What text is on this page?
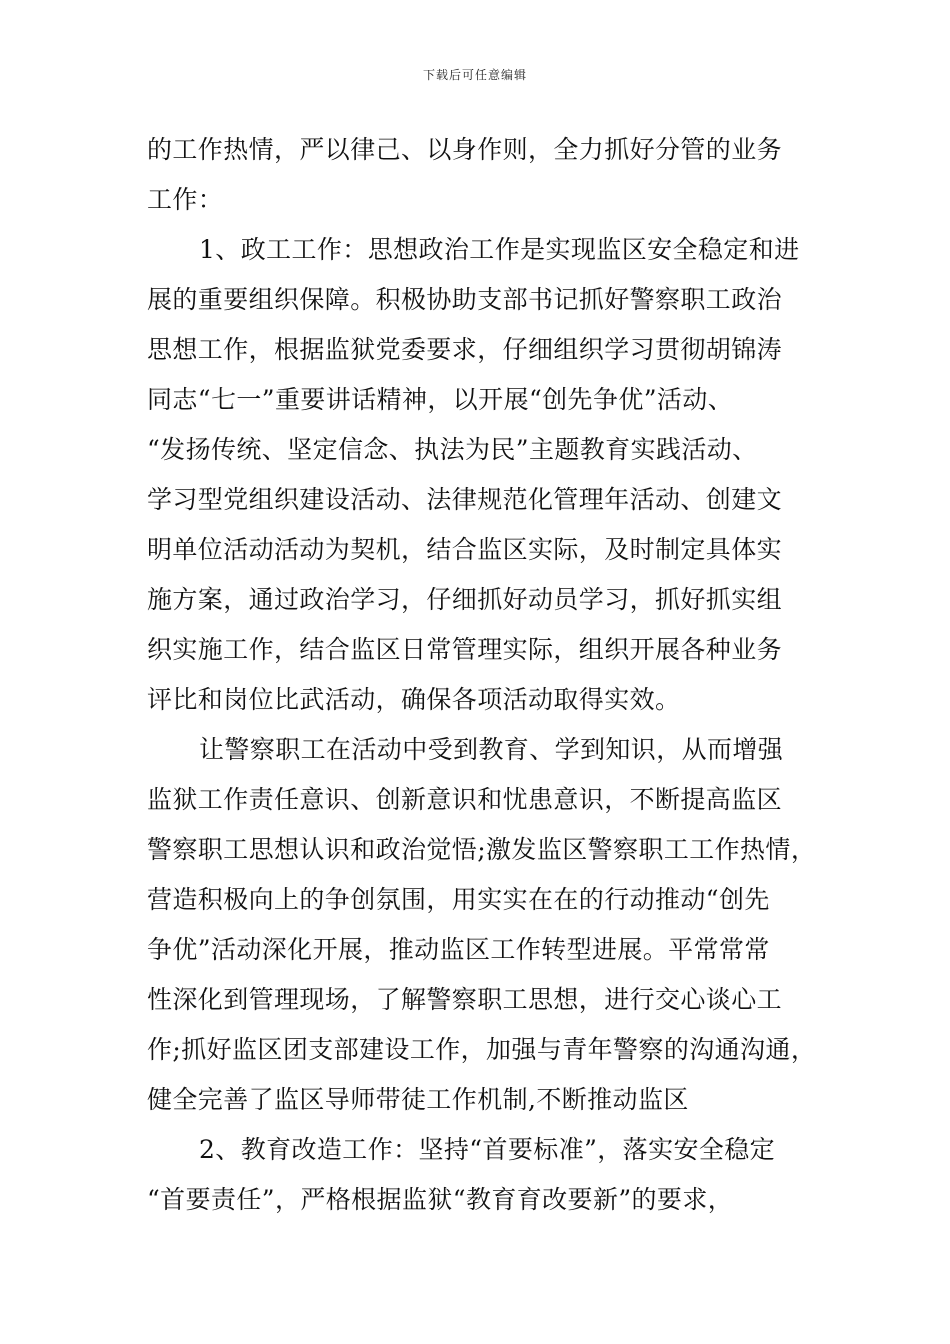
下载后可任意编辑
的工作热情，严以律己、以身作则，全力抓好分管的业务
工作：
1、政工工作：思想政治工作是实现监区安全稳定和进
展的重要组织保障。积极协助支部书记抓好警察职工政治
思想工作，根据监狱党委要求，仔细组织学习贯彻胡锦涛
同志“七一”重要讲话精神，以开展“创先争优”活动、
“发扬传统、坚定信念、执法为民”主题教育实践活动、
学习型党组织建设活动、法律规范化管理年活动、创建文
明单位活动活动为契机，结合监区实际，及时制定具体实
施方案，通过政治学习，仔细抓好动员学习，抓好抓实组
织实施工作，结合监区日常管理实际，组织开展各种业务
评比和岗位比武活动，确保各项活动取得实效。
让警察职工在活动中受到教育、学到知识，从而增强
监狱工作责任意识、创新意识和忧患意识，不断提高监区
警察职工思想认识和政治觉悟;激发监区警察职工工作热情，
营造积极向上的争创氛围，用实实在在的行动推动“创先
争优”活动深化开展，推动监区工作转型进展。平常常常
性深化到管理现场，了解警察职工思想，进行交心谈心工
作;抓好监区团支部建设工作，加强与青年警察的沟通沟通，
健全完善了监区导师带徒工作机制,不断推动监区
2、教育改造工作：坚持“首要标准”，落实安全稳定
“首要责任”，严格根据监狱“教育育改要新”的要求，
